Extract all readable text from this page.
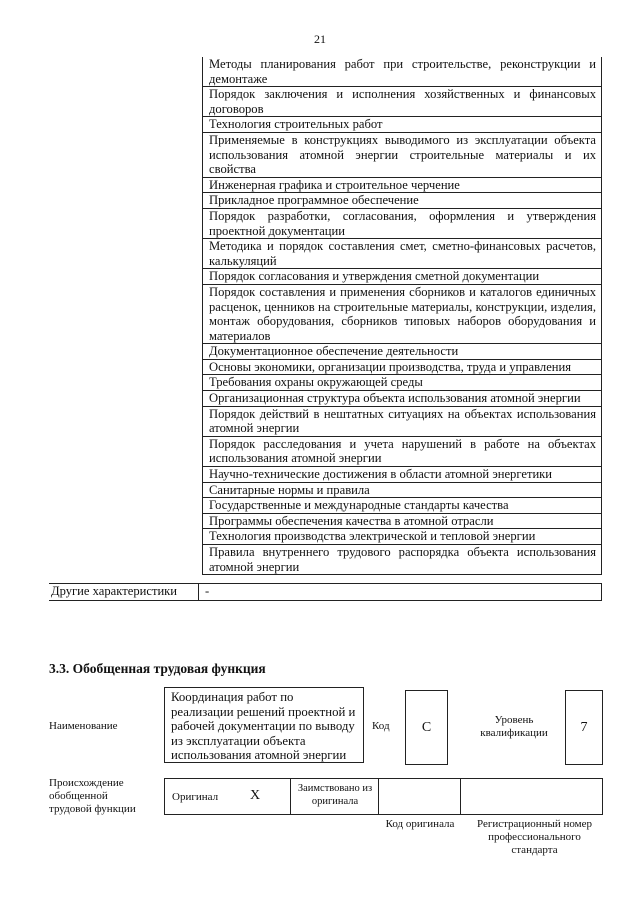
21
Методы планирования работ при строительстве, реконструкции и демонтаже
Порядок заключения и исполнения хозяйственных и финансовых договоров
Технология строительных работ
Применяемые в конструкциях выводимого из эксплуатации объекта использования атомной энергии строительные материалы и их свойства
Инженерная графика и строительное черчение
Прикладное программное обеспечение
Порядок разработки, согласования, оформления и утверждения проектной документации
Методика и порядок составления смет, сметно-финансовых расчетов, калькуляций
Порядок согласования и утверждения сметной документации
Порядок составления и применения сборников и каталогов единичных расценок, ценников на строительные материалы, конструкции, изделия, монтаж оборудования, сборников типовых наборов оборудования и материалов
Документационное обеспечение деятельности
Основы экономики, организации производства, труда и управления
Требования охраны окружающей среды
Организационная структура объекта использования атомной энергии
Порядок действий в нештатных ситуациях на объектах использования атомной энергии
Порядок расследования и учета нарушений в работе на объектах использования атомной энергии
Научно-технические достижения в области атомной энергетики
Санитарные нормы и правила
Государственные и международные стандарты качества
Программы обеспечения качества в атомной отрасли
Технология производства электрической и тепловой энергии
Правила внутреннего трудового распорядка объекта использования атомной энергии
Другие характеристики	-
3.3. Обобщенная трудовая функция
Наименование
Координация работ по реализации решений проектной и рабочей документации по выводу из эксплуатации объекта использования атомной энергии
Код	C	Уровень квалификации	7
Происхождение обобщенной трудовой функции
Оригинал X	Заимствовано из оригинала
Код оригинала	Регистрационный номер профессионального стандарта
